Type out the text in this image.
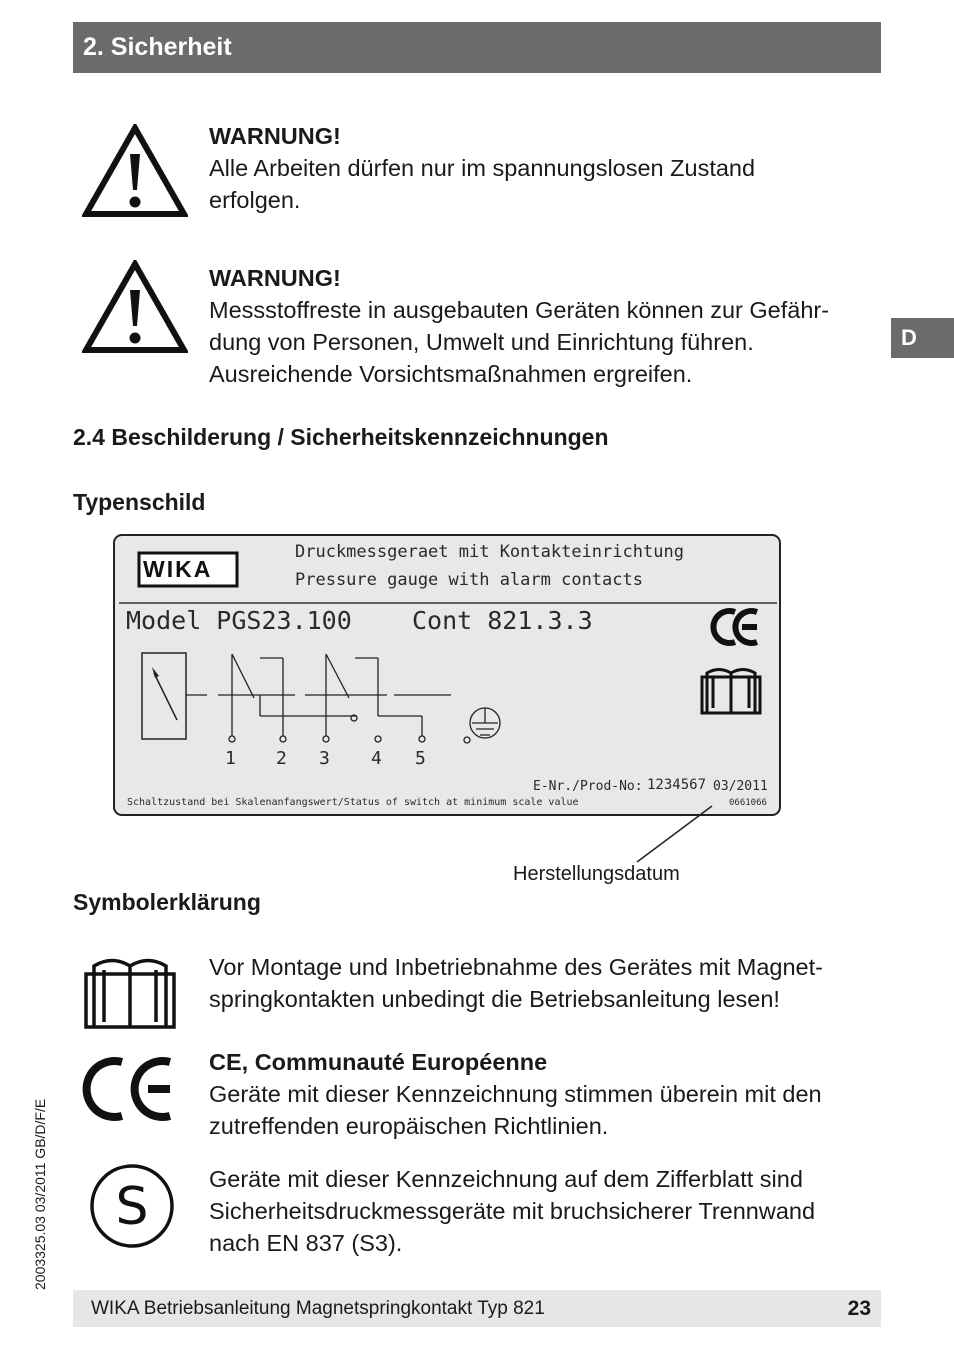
2. Sicherheit
D
WARNUNG!
Alle Arbeiten dürfen nur im spannungslosen Zustand
erfolgen.
WARNUNG!
Messstoffreste in ausgebauten Geräten können zur Gefähr-
dung von Personen, Umwelt und Einrichtung führen.
Ausreichende Vorsichtsmaßnahmen ergreifen.
2.4 Beschilderung / Sicherheitskennzeichnungen
Typenschild
WIKA
Druckmessgeraet mit Kontakteinrichtung
Pressure gauge with alarm contacts
Model PGS23.100 Cont 821.3.3
1 2 3 4 5
E-Nr./Prod-No: 1234567 03/2011
Schaltzustand bei Skalenanfangswert/Status of switch at minimum scale value	0661066
Herstellungsdatum
Symbolerklärung
Vor Montage und Inbetriebnahme des Gerätes mit Magnet-
springkontakten unbedingt die Betriebsanleitung lesen!
CE, Communauté Européenne
Geräte mit dieser Kennzeichnung stimmen überein mit den
zutreffenden europäischen Richtlinien.
S	Geräte mit dieser Kennzeichnung auf dem Zifferblatt sind
Sicherheitsdruckmessgeräte mit bruchsicherer Trennwand
nach EN 837 (S3).
2003325.03 03/2011 GB/D/F/E
WIKA Betriebsanleitung Magnetspringkontakt Typ 821	23
